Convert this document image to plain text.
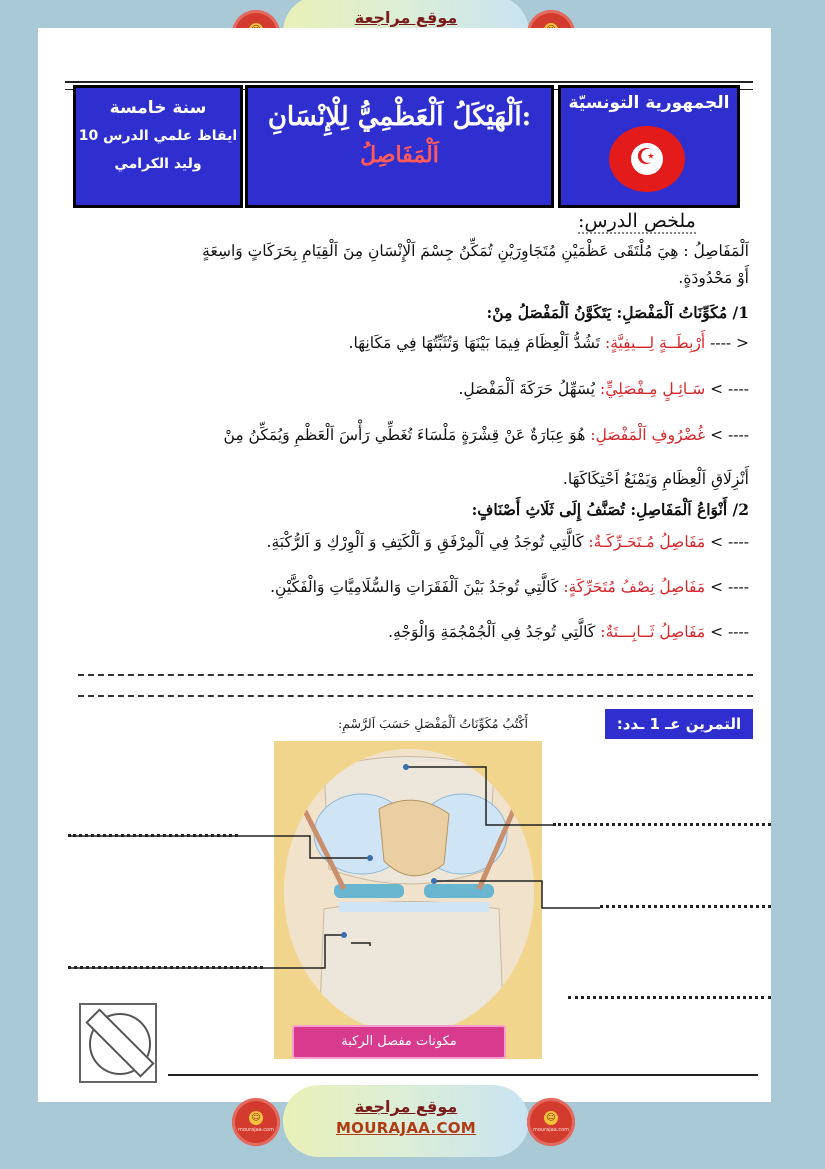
موقع مراجعة
سنة خامسة
ايقاظ علمي الدرس 10
وليد الكرامي
اَلْهَيْكَلُ اَلْعَظْمِيُّ لِلْإِنْسَانِ:
اَلْمَفَاصِلُ
الجمهورية التونسيّة
☪
ملخص الدرس:
اَلْمَفَاصِلُ : هِيَ مُلْتَقَى عَظْمَيْنِ مُتَجَاوِرَيْنِ تُمَكِّنُ جِسْمَ اَلْإِنْسَانِ مِنَ اَلْقِيَامِ بِحَرَكَاتٍ وَاسِعَةٍ
أَوْ مَحْدُودَةٍ.
1/ مُكَوِّنَاتُ اَلْمَفْصَلِ: يَتَكَوَّنُ اَلْمَفْصَلُ مِنْ:
---- > أَرْبِطَــةٍ لِـــيفِيَّةٍ: تَشُدُّ اَلْعِظَامَ فِيمَا بَيْنَهَا وَتُثَبِّتُهَا فِي مَكَانِهَا.
---- > سَـائِـلٍ مِـفْصَلِيٍّ: يُسَهِّلُ حَرَكَةَ اَلْمَفْصَلِ.
---- > غُضْرُوفِ اَلْمَفْصَلِ: هُوَ عِبَارَةٌ عَنْ قِشْرَةٍ مَلْسَاءَ تُغَطِّي رَأْسَ اَلْعَظْمِ وَيُمَكِّنُ مِنْ
أَنْزِلَاقِ اَلْعِظَامِ وَيَمْنَعُ اَحْتِكَاكَهَا.
2/ أَنْوَاعُ اَلْمَفَاصِلِ: تُصَنَّفُ إِلَى ثَلَاثِ أَصْنَافٍ:
---- > مَفَاصِلُ مُـتَحَـرِّكَـةٌ: كَالَّتِي تُوجَدُ فِي اَلْمِرْفَقِ وَ اَلْكَتِفِ وَ اَلْوِرْكِ وَ اَلرُّكْبَةِ.
---- > مَفَاصِلُ نِصْفُ مُتَحَرِّكَةٍ: كَالَّتِي تُوجَدُ بَيْنَ اَلْفَقَرَاتِ وَالسُّلَامِيَّاتِ وَالْفَكَّيْنِ.
---- > مَفَاصِلُ ثَــابِـــتَةٌ: كَالَّتِي تُوجَدُ فِي اَلْجُمْجُمَةِ وَالْوَجْهِ.
التمرين عـ 1 ـدد:
أَكْتُبُ مُكَوِّنَاتُ اَلْمَفْصَلِ حَسَبَ اَلرَّسْمِ:
مكونات مفصل الركبة
موقع مراجعة
MOURAJAA.COM
☺
mourajaa.com
☺
mourajaa.com
